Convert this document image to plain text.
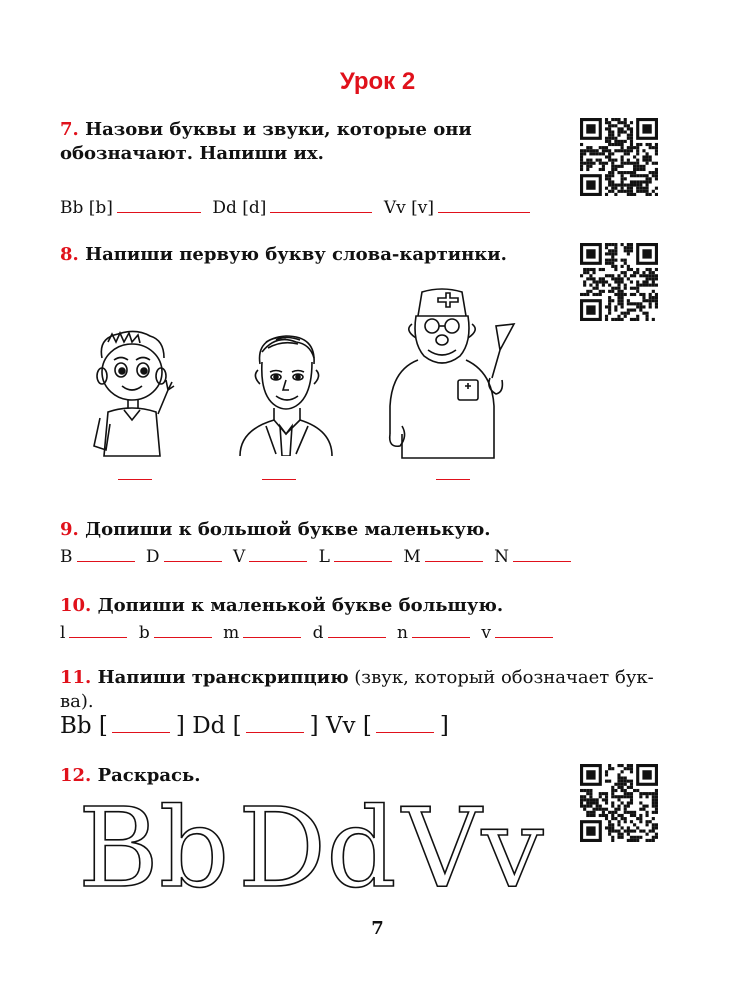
Урок 2
7. Назови буквы и звуки, которые они обозначают. Напиши их.
Bb [b]	Dd [d]	Vv [v]
8. Напиши первую букву слова-картинки.
9. Допиши к большой букве маленькую.
B	D	V	L	M	N
10. Допиши к маленькой букве большую.
l	b	m	d	n	v
11. Напиши транскрипцию (звук, который обозначает бук-ва).
Bb [	] Dd [	] Vv [	]
12. Раскрась.
Bb Dd Vv
7
